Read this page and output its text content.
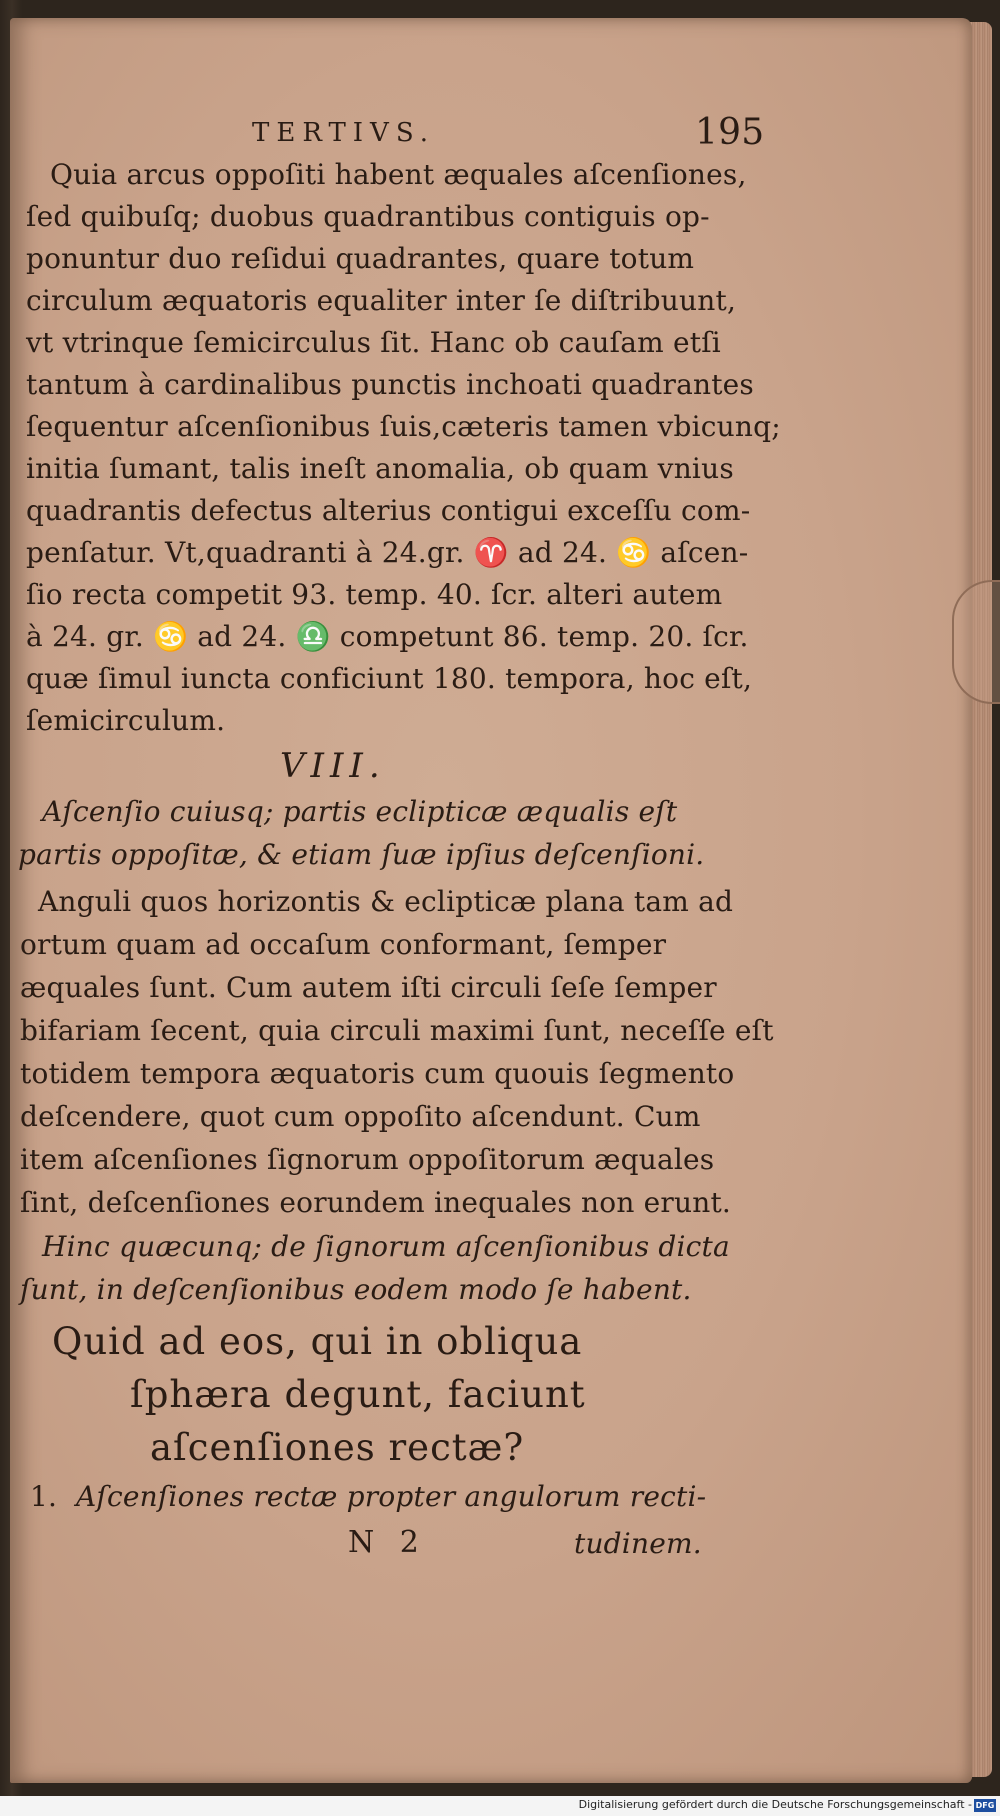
TERTIVS.	195
Quia arcus oppoſiti habent æquales aſcenſiones,
ſed quibuſq; duobus quadrantibus contiguis op-
ponuntur duo reſidui quadrantes, quare totum
circulum æquatoris equaliter inter ſe diſtribuunt,
vt vtrinque ſemicirculus ſit. Hanc ob cauſam etſi
tantum à cardinalibus punctis inchoati quadrantes
ſequentur aſcenſionibus ſuis,cæteris tamen vbicunq;
initia ſumant, talis ineſt anomalia, ob quam vnius
quadrantis defectus alterius contigui exceſſu com-
penſatur. Vt,quadranti à 24.gr. ♈ ad 24. ♋ aſcen-
ſio recta competit 93. temp. 40. ſcr. alteri autem
à 24. gr. ♋ ad 24. ♎ competunt 86. temp. 20. ſcr.
quæ ſimul iuncta conficiunt 180. tempora, hoc eſt,
ſemicirculum.
VIII.
Aſcenſio cuiusq; partis eclipticæ æqualis eſt
partis oppoſitæ, & etiam ſuæ ipſius deſcenſioni.
Anguli quos horizontis & eclipticæ plana tam ad
ortum quam ad occaſum conformant, ſemper
æquales ſunt. Cum autem iſti circuli ſeſe ſemper
bifariam ſecent, quia circuli maximi ſunt, neceſſe eſt
totidem tempora æquatoris cum quouis ſegmento
deſcendere, quot cum oppoſito aſcendunt. Cum
item aſcenſiones ſignorum oppoſitorum æquales
ſint, deſcenſiones eorundem inequales non erunt.
Hinc quæcunq; de ſignorum aſcenſionibus dicta
ſunt, in deſcenſionibus eodem modo ſe habent.
Quid ad eos, qui in obliqua
ſphæra degunt, faciunt
aſcenſiones rectæ?
1. Aſcenſiones rectæ propter angulorum recti-
N 2	tudinem.
Digitalisierung gefördert durch die Deutsche Forschungsgemeinschaft - DFG
